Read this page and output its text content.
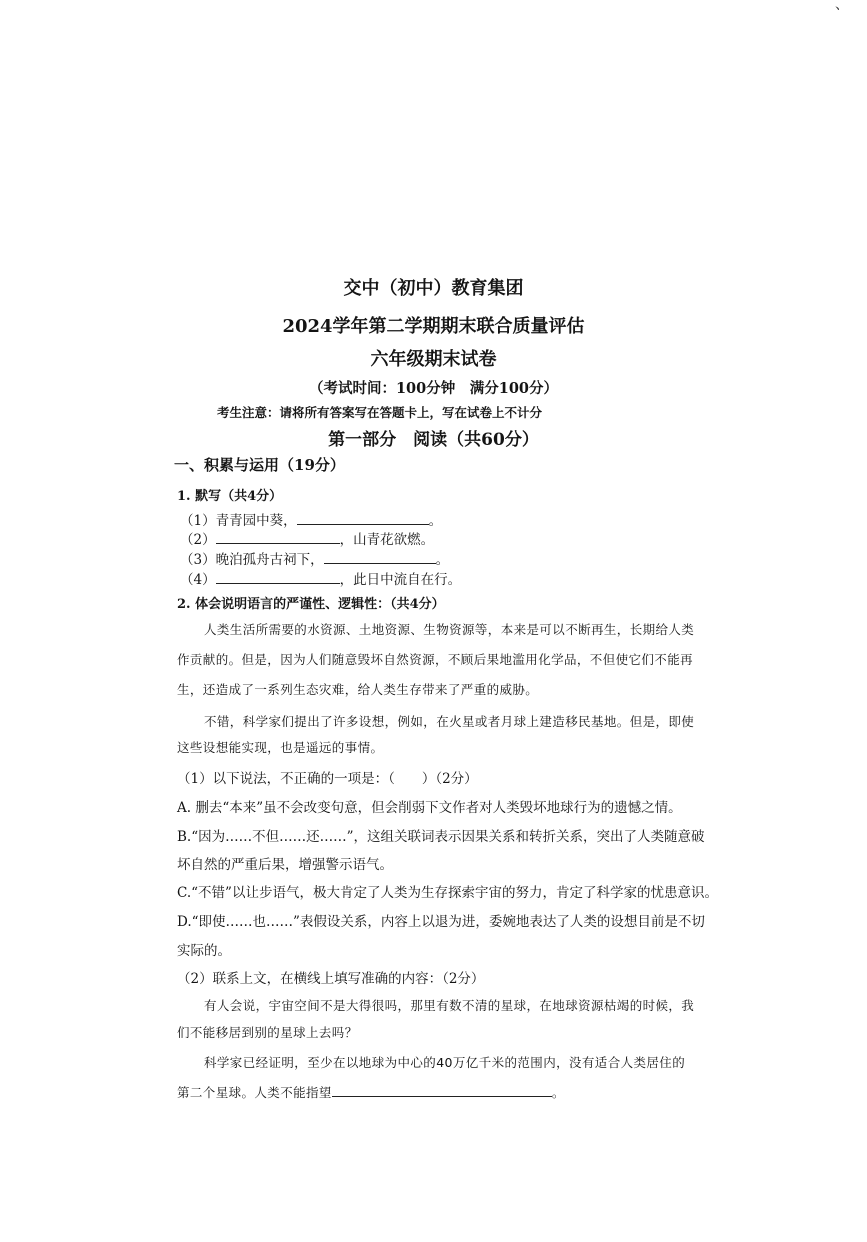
、
交中（初中）教育集团
2024学年第二学期期末联合质量评估
六年级期末试卷
（考试时间：100分钟　满分100分）
考生注意：请将所有答案写在答题卡上，写在试卷上不计分
第一部分　阅读（共60分）
一、积累与运用（19分）
1. 默写（共4分）
（1）青青园中葵，	。
（2）	，山青花欲燃。
（3）晚泊孤舟古祠下，	。
（4）	，此日中流自在行。
2. 体会说明语言的严谨性、逻辑性：（共4分）
人类生活所需要的水资源、土地资源、生物资源等，本来是可以不断再生，长期给人类
作贡献的。但是，因为人们随意毁坏自然资源，不顾后果地滥用化学品，不但使它们不能再
生，还造成了一系列生态灾难，给人类生存带来了严重的威胁。
不错，科学家们提出了许多设想，例如，在火星或者月球上建造移民基地。但是，即使
这些设想能实现，也是遥远的事情。
（1）以下说法，不正确的一项是：（　　）（2分）
A. 删去“本来”虽不会改变句意，但会削弱下文作者对人类毁坏地球行为的遗憾之情。
B.“因为……不但……还……”，这组关联词表示因果关系和转折关系，突出了人类随意破
坏自然的严重后果，增强警示语气。
C.“不错”以让步语气，极大肯定了人类为生存探索宇宙的努力，肯定了科学家的忧患意识。
D.“即使……也……”表假设关系，内容上以退为进，委婉地表达了人类的设想目前是不切
实际的。
（2）联系上文，在横线上填写准确的内容：（2分）
有人会说，宇宙空间不是大得很吗，那里有数不清的星球，在地球资源枯竭的时候，我
们不能移居到别的星球上去吗？
科学家已经证明，至少在以地球为中心的40万亿千米的范围内，没有适合人类居住的
第二个星球。人类不能指望	。
